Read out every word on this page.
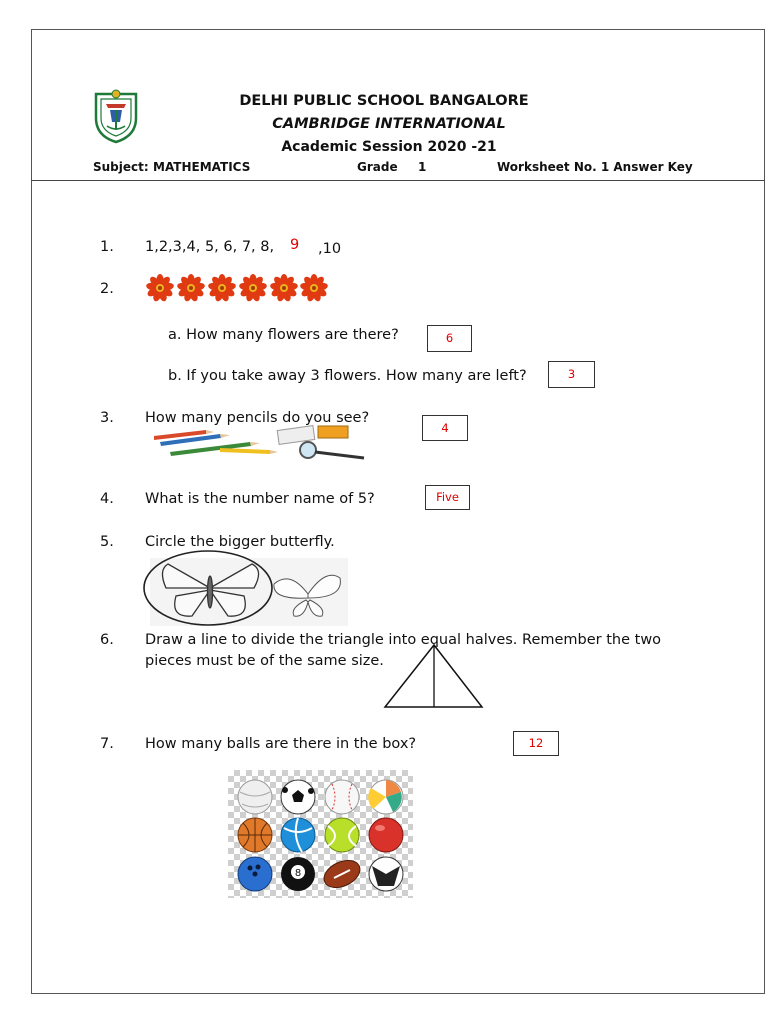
DELHI PUBLIC SCHOOL BANGALORE
CAMBRIDGE INTERNATIONAL
Academic Session 2020 -21
Subject: MATHEMATICS	Grade 1	Worksheet No. 1 Answer Key
1. 1,2,3,4, 5, 6, 7, 8, 9 ,10
2.
a. How many flowers are there?	6
b. If you take away 3 flowers. How many are left?	3
3. How many pencils do you see?
4
4. What is the number name of 5?	Five
5. Circle the bigger butterfly.
6. Draw a line to divide the triangle into equal halves. Remember the two
pieces must be of the same size.
7. How many balls are there in the box?	12
8
